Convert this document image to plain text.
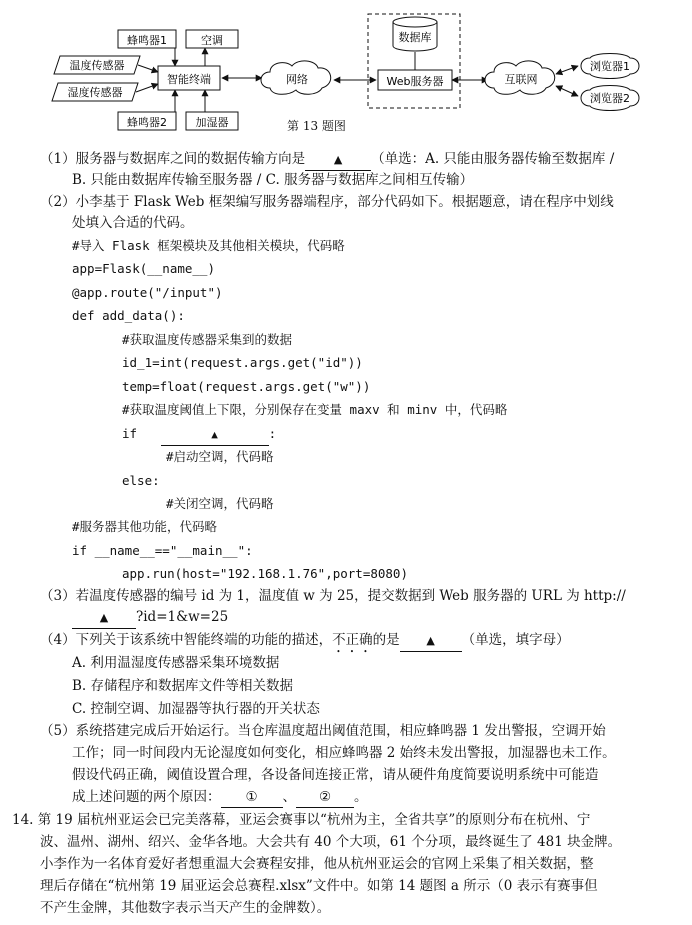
蜂鸣器1	空调
温度传感器
湿度传感器
智能终端
蜂鸣器2	加湿器
网络
数据库
Web服务器	互联网
浏览器1
浏览器2
第 13 题图
（1）服务器与数据库之间的数据传输方向是	▲ （单选：A. 只能由服务器传输至数据库 /
B. 只能由数据库传输至服务器 / C. 服务器与数据库之间相互传输）
（2）小李基于 Flask Web 框架编写服务器端程序，部分代码如下。根据题意，请在程序中划线
处填入合适的代码。
#导入 Flask 框架模块及其他相关模块，代码略
app=Flask(__name__)
@app.route("/input")
def add_data():
#获取温度传感器采集到的数据
id_1=int(request.args.get("id"))
temp=float(request.args.get("w"))
#获取温度阈值上下限，分别保存在变量 maxv 和 minv 中，代码略
if	▲	:
#启动空调，代码略
else:
#关闭空调，代码略
#服务器其他功能，代码略
if __name__=="__main__":
app.run(host="192.168.1.76",port=8080)
（3）若温度传感器的编号 id 为 1，温度值 w 为 25，提交数据到 Web 服务器的 URL 为 http://
▲ ?id=1&w=25
（4）下列关于该系统中智能终端的功能的描述，不正确的是 ▲ （单选，填字母）
A. 利用温湿度传感器采集环境数据
B. 存储程序和数据库文件等相关数据
C. 控制空调、加湿器等执行器的开关状态
（5）系统搭建完成后开始运行。当仓库温度超出阈值范围，相应蜂鸣器 1 发出警报，空调开始
工作；同一时间段内无论湿度如何变化，相应蜂鸣器 2 始终未发出警报，加湿器也未工作。
假设代码正确，阈值设置合理，各设备间连接正常，请从硬件角度简要说明系统中可能造
成上述问题的两个原因： ① 、 ② 。
14. 第 19 届杭州亚运会已完美落幕，亚运会赛事以“杭州为主，全省共享”的原则分布在杭州、宁
波、温州、湖州、绍兴、金华各地。大会共有 40 个大项，61 个分项，最终诞生了 481 块金牌。
小李作为一名体育爱好者想重温大会赛程安排，他从杭州亚运会的官网上采集了相关数据，整
理后存储在“杭州第 19 届亚运会总赛程.xlsx”文件中。如第 14 题图 a 所示（0 表示有赛事但
不产生金牌，其他数字表示当天产生的金牌数）。
